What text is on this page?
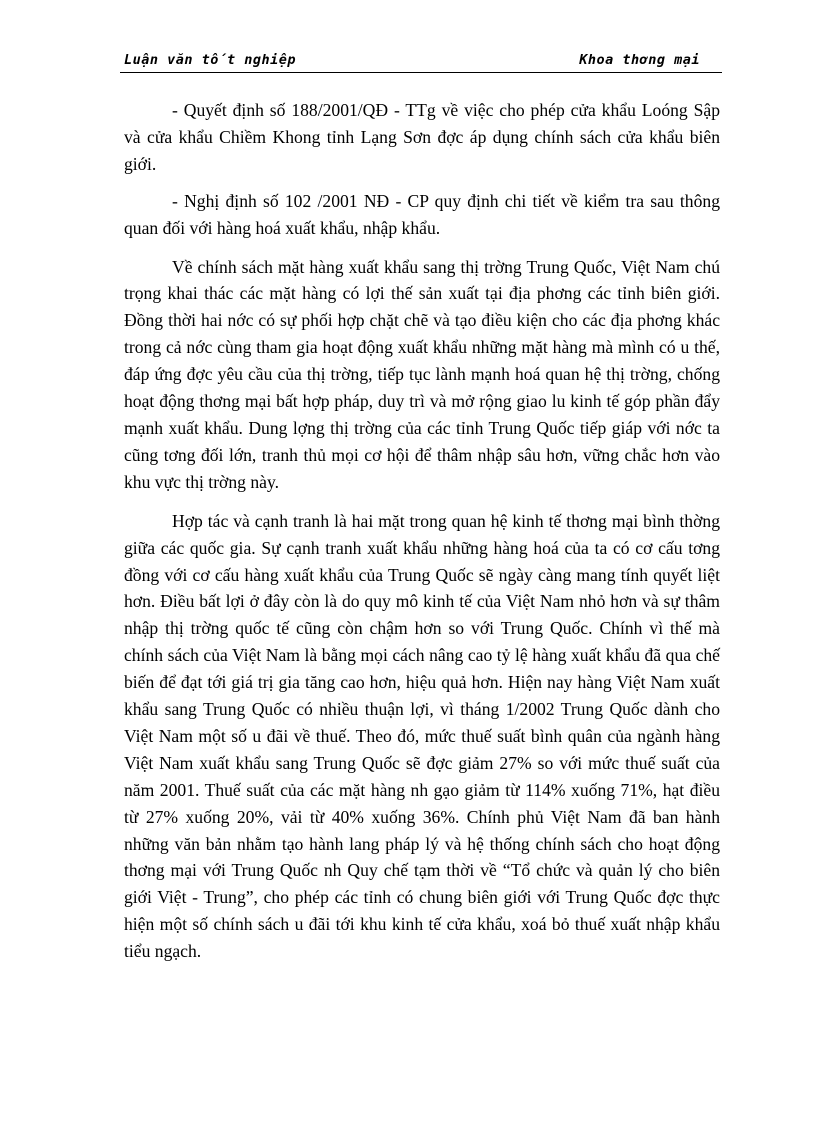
Luận văn tốt nghiệp	Khoa thơng mại

- Quyết định số 188/2001/QĐ - TTg về việc cho phép cửa khẩu Loóng Sập và cửa khẩu Chiềm Khong tỉnh Lạng Sơn đợc áp dụng chính sách cửa khẩu biên giới.

- Nghị định số 102 /2001 NĐ - CP quy định chi tiết về kiểm tra sau thông quan đối với hàng hoá xuất khẩu, nhập khẩu.

Về chính sách mặt hàng xuất khẩu sang thị trờng Trung Quốc, Việt Nam chú trọng khai thác các mặt hàng có lợi thế sản xuất tại địa phơng các tỉnh biên giới. Đồng thời hai nớc có sự phối hợp chặt chẽ và tạo điều kiện cho các địa phơng khác trong cả nớc cùng tham gia hoạt động xuất khẩu những mặt hàng mà mình có u thế, đáp ứng đợc yêu cầu của thị trờng, tiếp tục lành mạnh hoá quan hệ thị trờng, chống hoạt động thơng mại bất hợp pháp, duy trì và mở rộng giao lu kinh tế góp phần đẩy mạnh xuất khẩu. Dung lợng thị trờng của các tỉnh Trung Quốc tiếp giáp với nớc ta cũng tơng đối lớn, tranh thủ mọi cơ hội để thâm nhập sâu hơn, vững chắc hơn vào khu vực thị trờng này.

Hợp tác và cạnh tranh là hai mặt trong quan hệ kinh tế thơng mại bình thờng giữa các quốc gia. Sự cạnh tranh xuất khẩu những hàng hoá của ta có cơ cấu tơng đồng với cơ cấu hàng xuất khẩu của Trung Quốc sẽ ngày càng mang tính quyết liệt hơn. Điều bất lợi ở đây còn là do quy mô kinh tế của Việt Nam nhỏ hơn và sự thâm nhập thị trờng quốc tế cũng còn chậm hơn so với Trung Quốc. Chính vì thế mà chính sách của Việt Nam là bằng mọi cách nâng cao tỷ lệ hàng xuất khẩu đã qua chế biến để đạt tới giá trị gia tăng cao hơn, hiệu quả hơn. Hiện nay hàng Việt Nam xuất khẩu sang Trung Quốc có nhiều thuận lợi, vì tháng 1/2002 Trung Quốc dành cho Việt Nam một số u đãi về thuế. Theo đó, mức thuế suất bình quân của ngành hàng Việt Nam xuất khẩu sang Trung Quốc sẽ đợc giảm 27% so với mức thuế suất của năm 2001. Thuế suất của các mặt hàng nh gạo giảm từ 114% xuống 71%, hạt điều từ 27% xuống 20%, vải từ 40% xuống 36%. Chính phủ Việt Nam đã ban hành những văn bản nhằm tạo hành lang pháp lý và hệ thống chính sách cho hoạt động thơng mại với Trung Quốc nh Quy chế tạm thời về “Tổ chức và quản lý cho biên giới Việt - Trung”, cho phép các tỉnh có chung biên giới với Trung Quốc đợc thực hiện một số chính sách u đãi tới khu kinh tế cửa khẩu, xoá bỏ thuế xuất nhập khẩu tiểu ngạch.
